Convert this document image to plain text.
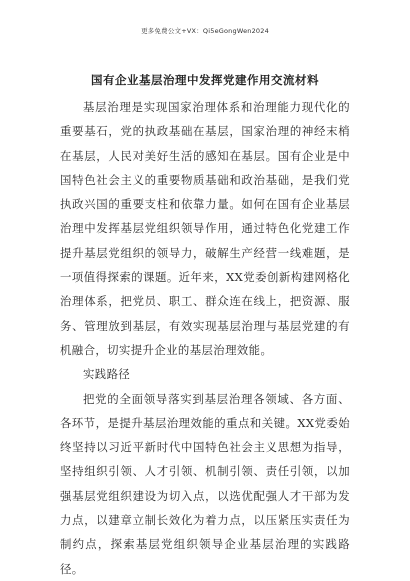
更多免费公文+VX：Qi5eGongWen2024
国有企业基层治理中发挥党建作用交流材料

基层治理是实现国家治理体系和治理能力现代化的重要基石，党的执政基础在基层，国家治理的神经末梢在基层，人民对美好生活的感知在基层。国有企业是中国特色社会主义的重要物质基础和政治基础，是我们党执政兴国的重要支柱和依靠力量。如何在国有企业基层治理中发挥基层党组织领导作用，通过特色化党建工作提升基层党组织的领导力，破解生产经营一线难题，是一项值得探索的课题。近年来，XX党委创新构建网格化治理体系，把党员、职工、群众连在线上，把资源、服务、管理放到基层，有效实现基层治理与基层党建的有机融合，切实提升企业的基层治理效能。

实践路径

把党的全面领导落实到基层治理各领域、各方面、各环节，是提升基层治理效能的重点和关键。XX党委始终坚持以习近平新时代中国特色社会主义思想为指导，坚持组织引领、人才引领、机制引领、责任引领，以加强基层党组织建设为切入点，以选优配强人才干部为发力点，以建章立制长效化为着力点，以压紧压实责任为制约点，探索基层党组织领导企业基层治理的实践路径。
